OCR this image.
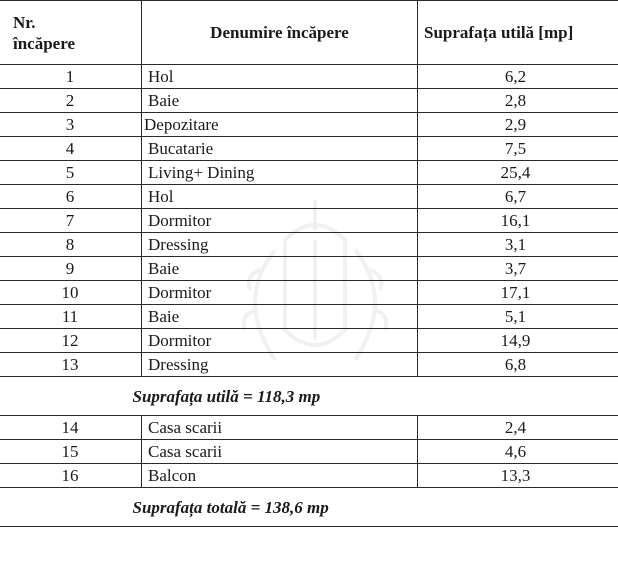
Nr.
încăpere	Denumire încăpere	Suprafața utilă [mp]
1	Hol	6,2
2	Baie	2,8
3	Depozitare	2,9
4	Bucatarie	7,5
5	Living+ Dining	25,4
6	Hol	6,7
7	Dormitor	16,1
8	Dressing	3,1
9	Baie	3,7
10	Dormitor	17,1
11	Baie	5,1
12	Dormitor	14,9
13	Dressing	6,8
Suprafața utilă = 118,3 mp		
14	Casa scarii	2,4
15	Casa scarii	4,6
16	Balcon	13,3
Suprafața totală = 138,6 mp		
